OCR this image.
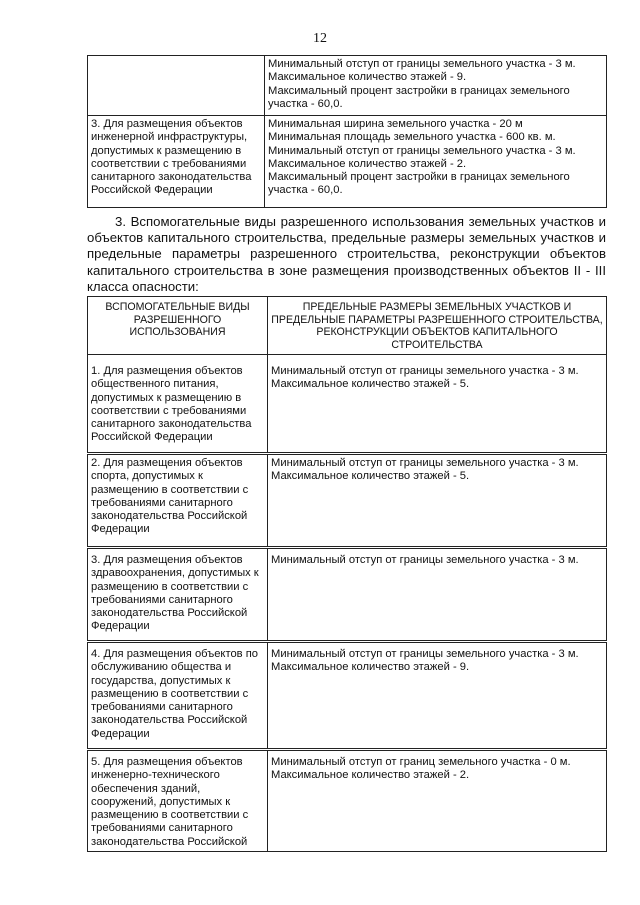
12

	Минимальный отступ от границы земельного участка - 3 м.
Максимальное количество этажей - 9.
Максимальный процент застройки в границах земельного участка - 60,0.

3. Для размещения объектов инженерной инфраструктуры, допустимых к размещению в соответствии с требованиями санитарного законодательства Российской Федерации	Минимальная ширина земельного участка - 20 м
Минимальная площадь земельного участка - 600 кв. м.
Минимальный отступ от границы земельного участка - 3 м.
Максимальное количество этажей - 2.
Максимальный процент застройки в границах земельного участка - 60,0.
3. Вспомогательные виды разрешенного использования земельных участков и объектов капитального строительства, предельные размеры земельных участков и предельные параметры разрешенного строительства, реконструкции объектов капитального строительства в зоне размещения производственных объектов II - III класса опасности:
ВСПОМОГАТЕЛЬНЫЕ ВИДЫ РАЗРЕШЕННОГО ИСПОЛЬЗОВАНИЯ	ПРЕДЕЛЬНЫЕ РАЗМЕРЫ ЗЕМЕЛЬНЫХ УЧАСТКОВ И ПРЕДЕЛЬНЫЕ ПАРАМЕТРЫ РАЗРЕШЕННОГО СТРОИТЕЛЬСТВА, РЕКОНСТРУКЦИИ ОБЪЕКТОВ КАПИТАЛЬНОГО СТРОИТЕЛЬСТВА
1. Для размещения объектов общественного питания, допустимых к размещению в соответствии с требованиями санитарного законодательства Российской Федерации	Минимальный отступ от границы земельного участка - 3 м.
Максимальное количество этажей - 5.

2. Для размещения объектов спорта, допустимых к размещению в соответствии с требованиями санитарного законодательства Российской Федерации	Минимальный отступ от границы земельного участка - 3 м.
Максимальное количество этажей - 5.

3. Для размещения объектов здравоохранения, допустимых к размещению в соответствии с требованиями санитарного законодательства Российской Федерации	Минимальный отступ от границы земельного участка - 3 м.

4. Для размещения объектов по обслуживанию общества и государства, допустимых к размещению в соответствии с требованиями санитарного законодательства Российской Федерации	Минимальный отступ от границы земельного участка - 3 м.
Максимальное количество этажей - 9.

5. Для размещения объектов инженерно-технического обеспечения зданий, сооружений, допустимых к размещению в соответствии с требованиями санитарного законодательства Российской	Минимальный отступ от границ земельного участка - 0 м.
Максимальное количество этажей - 2.
